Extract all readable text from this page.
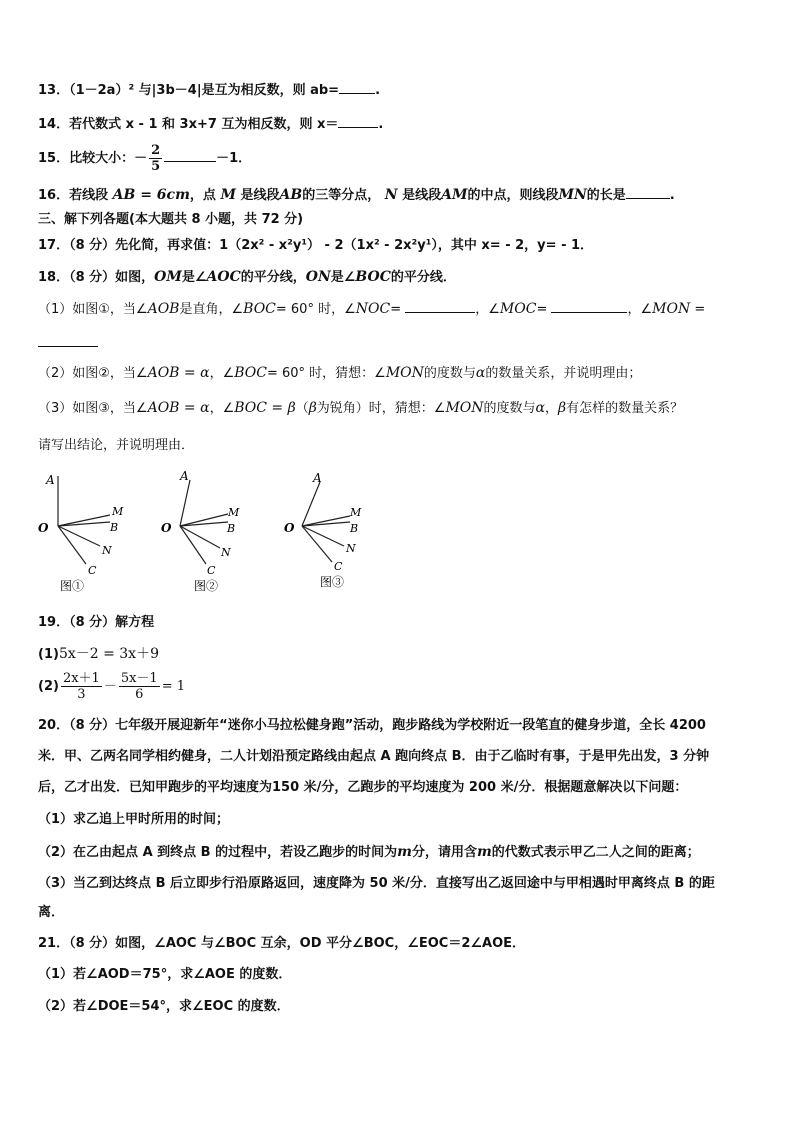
13．（1－2a）² 与|3b－4|是互为相反数，则 ab=	.
14．若代数式 x - 1 和 3x+7 互为相反数，则 x＝	.
15．比较大小：－ $\frac{2}{5}$	－1．
16．若线段 AB = 6cm，点 M 是线段AB的三等分点， N 是线段AM的中点，则线段MN的长是	.
三、解下列各题(本大题共 8 小题，共 72 分)
17．（8 分）先化简，再求值：1（2x² - x²y¹） - 2（1x² - 2x²y¹），其中 x= - 2，y= - 1．
18．（8 分）如图，OM是∠AOC的平分线，ON是∠BOC的平分线．
（1）如图①，当∠AOB是直角，∠BOC= 60° 时，∠NOC=	，∠MOC=	，∠MON =
（2）如图②，当∠AOB = α，∠BOC= 60° 时，猜想：∠MON的度数与α的数量关系，并说明理由；
（3）如图③，当∠AOB = α，∠BOC = β（β为锐角）时，猜想：∠MON的度数与α，β有怎样的数量关系？
请写出结论，并说明理由．
A
O
M
B
N
C
图①
A
O
M
B
N
C
图②
A
O
M
B
N
C
图③
19．（8 分）解方程
(1)5x－2 = 3x＋9
$(2) \frac{2x+1}{3} - \frac{5x-1}{6} = 1$
20．（8 分）七年级开展迎新年“迷你小马拉松健身跑”活动，跑步路线为学校附近一段笔直的健身步道，全长 4200
米．甲、乙两名同学相约健身，二人计划沿预定路线由起点 A 跑向终点 B．由于乙临时有事，于是甲先出发，3 分钟
后，乙才出发．已知甲跑步的平均速度为150 米/分，乙跑步的平均速度为 200 米/分．根据题意解决以下问题：
（1）求乙追上甲时所用的时间；
（2）在乙由起点 A 到终点 B 的过程中，若设乙跑步的时间为m分，请用含m的代数式表示甲乙二人之间的距离；
（3）当乙到达终点 B 后立即步行沿原路返回，速度降为 50 米/分．直接写出乙返回途中与甲相遇时甲离终点 B 的距
离．
21．（8 分）如图，∠AOC 与∠BOC 互余，OD 平分∠BOC，∠EOC＝2∠AOE．
（1）若∠AOD＝75°，求∠AOE 的度数．
（2）若∠DOE＝54°，求∠EOC 的度数．
